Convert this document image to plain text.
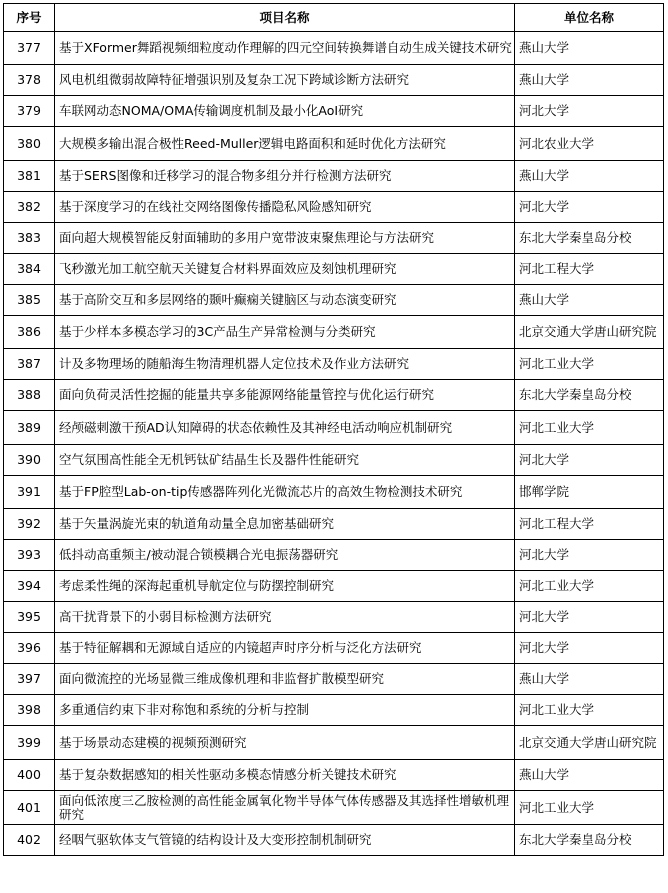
序号	项目名称	单位名称
377	基于XFormer舞蹈视频细粒度动作理解的四元空间转换舞谱自动生成关键技术研究	燕山大学
378	风电机组微弱故障特征增强识别及复杂工况下跨域诊断方法研究	燕山大学
379	车联网动态NOMA/OMA传输调度机制及最小化AoI研究	河北大学
380	大规模多输出混合极性Reed-Muller逻辑电路面积和延时优化方法研究	河北农业大学
381	基于SERS图像和迁移学习的混合物多组分并行检测方法研究	燕山大学
382	基于深度学习的在线社交网络图像传播隐私风险感知研究	河北大学
383	面向超大规模智能反射面辅助的多用户宽带波束聚焦理论与方法研究	东北大学秦皇岛分校
384	飞秒激光加工航空航天关键复合材料界面效应及刻蚀机理研究	河北工程大学
385	基于高阶交互和多层网络的颞叶癫痫关键脑区与动态演变研究	燕山大学
386	基于少样本多模态学习的3C产品生产异常检测与分类研究	北京交通大学唐山研究院
387	计及多物理场的随船海生物清理机器人定位技术及作业方法研究	河北工业大学
388	面向负荷灵活性挖掘的能量共享多能源网络能量管控与优化运行研究	东北大学秦皇岛分校
389	经颅磁刺激干预AD认知障碍的状态依赖性及其神经电活动响应机制研究	河北工业大学
390	空气氛围高性能全无机钙钛矿结晶生长及器件性能研究	河北大学
391	基于FP腔型Lab-on-tip传感器阵列化光微流芯片的高效生物检测技术研究	邯郸学院
392	基于矢量涡旋光束的轨道角动量全息加密基础研究	河北工程大学
393	低抖动高重频主/被动混合锁模耦合光电振荡器研究	河北大学
394	考虑柔性绳的深海起重机导航定位与防摆控制研究	河北工业大学
395	高干扰背景下的小弱目标检测方法研究	河北大学
396	基于特征解耦和无源域自适应的内镜超声时序分析与泛化方法研究	河北大学
397	面向微流控的光场显微三维成像机理和非监督扩散模型研究	燕山大学
398	多重通信约束下非对称饱和系统的分析与控制	河北工业大学
399	基于场景动态建模的视频预测研究	北京交通大学唐山研究院
400	基于复杂数据感知的相关性驱动多模态情感分析关键技术研究	燕山大学
401	面向低浓度三乙胺检测的高性能金属氧化物半导体气体传感器及其选择性增敏机理研究	河北工业大学
402	经咽气驱软体支气管镜的结构设计及大变形控制机制研究	东北大学秦皇岛分校
